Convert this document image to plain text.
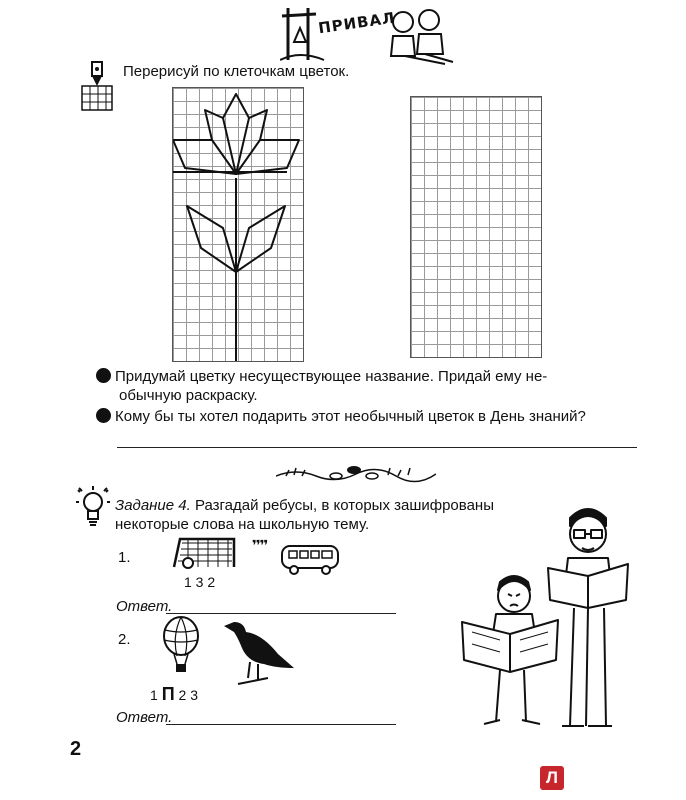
ПРИВАЛ
Перерисуй по клеточкам цветок.
Придумай цветку несуществующее название. Придай ему не-
обычную раскраску.
Кому бы ты хотел подарить этот необычный цветок в День знаний?
Задание 4. Разгадай ребусы, в которых зашифрованы
некоторые слова на школьную тему.
1.
1 3 2
❜❜❜❜
Ответ.
2.
1 П 2 3
Ответ.
2
Л
